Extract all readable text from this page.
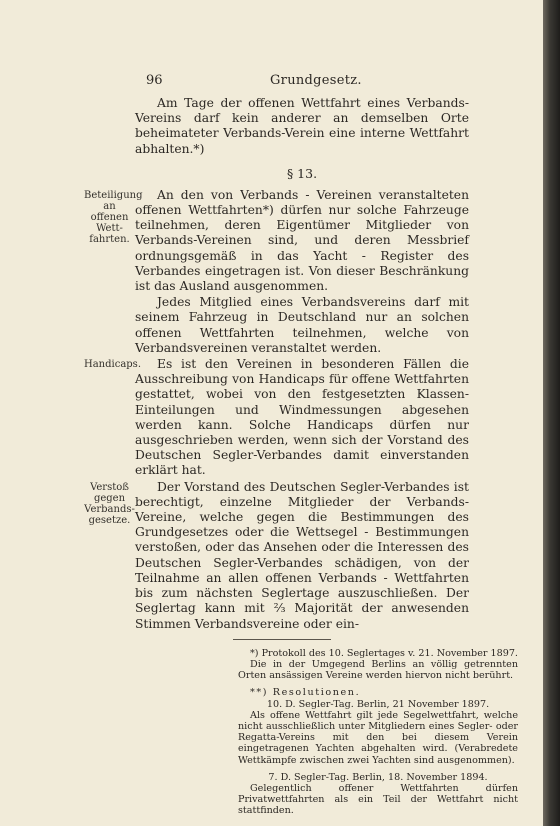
96	Grundgesetz.

Am Tage der offenen Wettfahrt eines Verbands-Vereins darf kein anderer an demselben Orte beheimateter Verbands-Verein eine interne Wettfahrt abhalten.*)

§ 13.
Beteiligung an offenen Wett-fahrten.

An den von Verbands - Vereinen veranstalteten offenen Wettfahrten*) dürfen nur solche Fahrzeuge teilnehmen, deren Eigentümer Mitglieder von Verbands-Vereinen sind, und deren Messbrief ordnungsgemäß in das Yacht - Register des Verbandes eingetragen ist. Von dieser Beschränkung ist das Ausland ausgenommen.

Jedes Mitglied eines Verbandsvereins darf mit seinem Fahrzeug in Deutschland nur an solchen offenen Wettfahrten teilnehmen, welche von Verbandsvereinen veranstaltet werden.

Handicaps.	Es ist den Vereinen in besonderen Fällen die Ausschreibung von Handicaps für offene Wettfahrten gestattet, wobei von den festgesetzten Klassen-Einteilungen und Windmessungen abgesehen werden kann. Solche Handicaps dürfen nur ausgeschrieben werden, wenn sich der Vorstand des Deutschen Segler-Verbandes damit einverstanden erklärt hat.

Verstoß gegen Verbands-gesetze.

Der Vorstand des Deutschen Segler-Verbandes ist berechtigt, einzelne Mitglieder der Verbands-Vereine, welche gegen die Bestimmungen des Grundgesetzes oder die Wettsegel - Bestimmungen verstoßen, oder das Ansehen oder die Interessen des Deutschen Segler-Verbandes schädigen, von der Teilnahme an allen offenen Verbands - Wettfahrten bis zum nächsten Seglertage auszuschließen. Der Seglertag kann mit ⅔ Majorität der anwesenden Stimmen Verbandsvereine oder ein-

*) Protokoll des 10. Seglertages v. 21. November 1897.

Die in der Umgegend Berlins an völlig getrennten Orten ansässigen Vereine werden hiervon nicht berührt.

**) Resolutionen.

10. D. Segler-Tag. Berlin, 21 November 1897.

Als offene Wettfahrt gilt jede Segelwettfahrt, welche nicht ausschließlich unter Mitgliedern eines Segler- oder Regatta-Vereins mit den bei diesem Verein eingetragenen Yachten abgehalten wird. (Verabredete Wettkämpfe zwischen zwei Yachten sind ausgenommen).

7. D. Segler-Tag. Berlin, 18. November 1894.

Gelegentlich offener Wettfahrten dürfen Privatwettfahrten als ein Teil der Wettfahrt nicht stattfinden.
